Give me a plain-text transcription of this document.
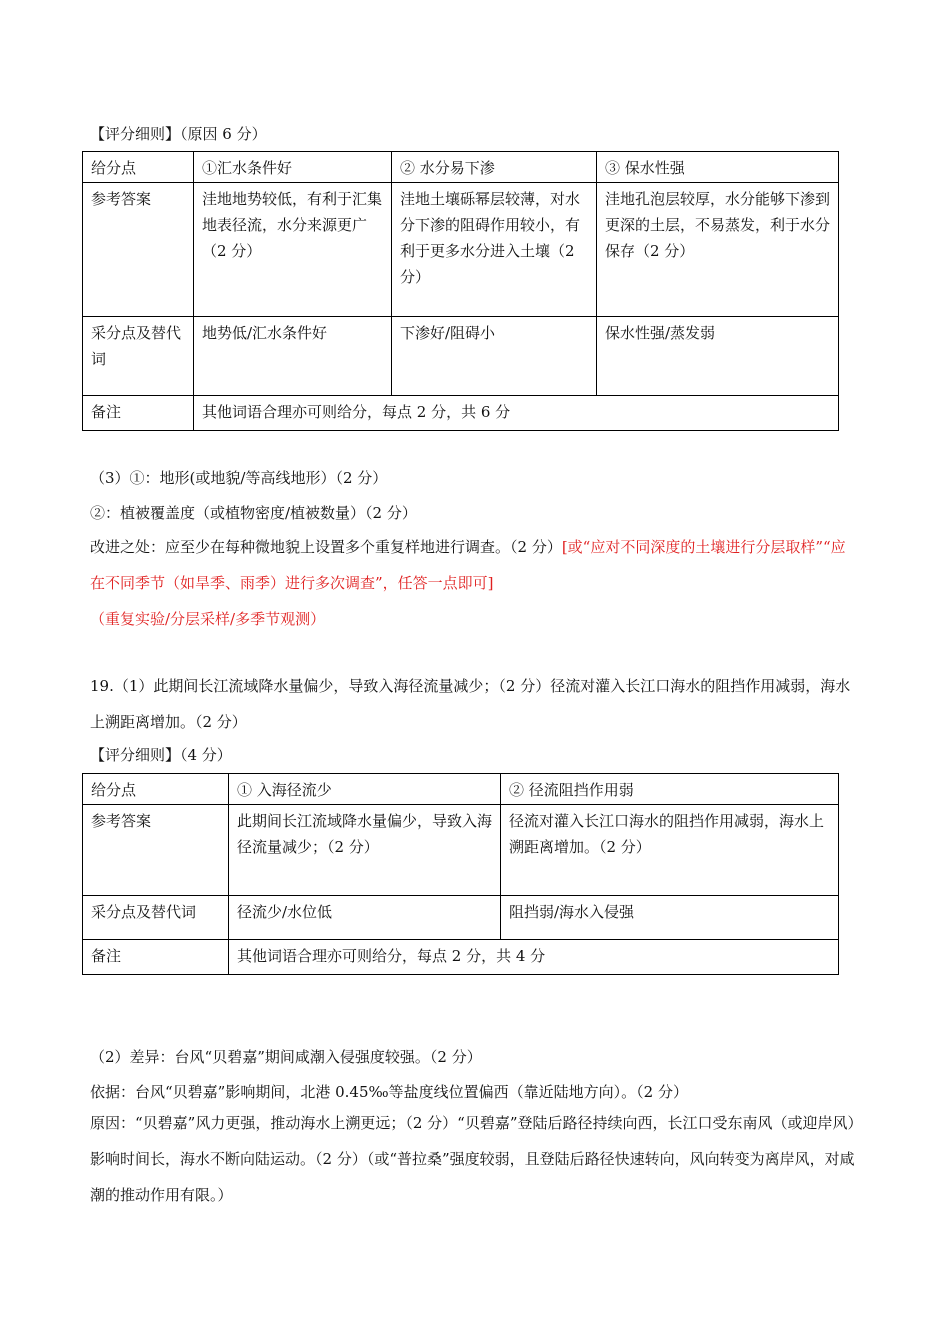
【评分细则】（原因 6 分）
给分点	①汇水条件好	② 水分易下渗	③ 保水性强
参考答案	洼地地势较低，有利于汇集地表径流，水分来源更广（2 分）	洼地土壤砾幂层较薄，对水分下渗的阻碍作用较小，有利于更多水分进入土壤（2 分）	洼地孔泡层较厚，水分能够下渗到更深的土层，不易蒸发，利于水分保存（2 分）
采分点及替代词	地势低/汇水条件好	下渗好/阻碍小	保水性强/蒸发弱
备注	其他词语合理亦可则给分，每点 2 分，共 6 分		
（3）①：地形(或地貌/等高线地形）（2 分）
②：植被覆盖度（或植物密度/植被数量）（2 分）
改进之处：应至少在每种微地貌上设置多个重复样地进行调查。（2 分）[或“应对不同深度的土壤进行分层取样”“应在不同季节（如旱季、雨季）进行多次调查”，任答一点即可]
（重复实验/分层采样/多季节观测）
19.（1）此期间长江流域降水量偏少，导致入海径流量减少；（2 分）径流对灌入长江口海水的阻挡作用减弱，海水上溯距离增加。（2 分）
【评分细则】（4 分）
给分点	① 入海径流少	② 径流阻挡作用弱
参考答案	此期间长江流域降水量偏少，导致入海径流量减少；（2 分）	径流对灌入长江口海水的阻挡作用减弱，海水上溯距离增加。（2 分）
采分点及替代词	径流少/水位低	阻挡弱/海水入侵强
备注	其他词语合理亦可则给分，每点 2 分，共 4 分	
（2）差异：台风“贝碧嘉”期间咸潮入侵强度较强。（2 分）
依据：台风“贝碧嘉”影响期间，北港 0.45‰等盐度线位置偏西（靠近陆地方向）。（2 分）
原因：“贝碧嘉”风力更强，推动海水上溯更远；（2 分）“贝碧嘉”登陆后路径持续向西，长江口受东南风（或迎岸风）影响时间长，海水不断向陆运动。（2 分）（或“普拉桑”强度较弱，且登陆后路径快速转向，风向转变为离岸风，对咸潮的推动作用有限。）
